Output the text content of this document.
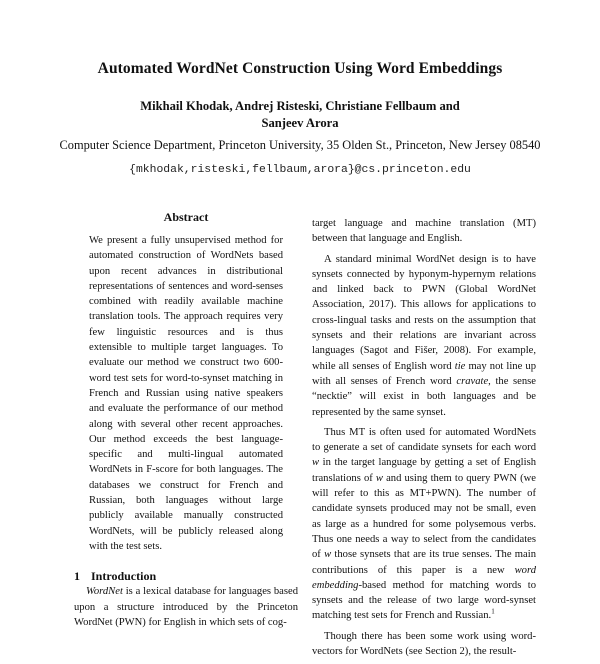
Automated WordNet Construction Using Word Embeddings
Mikhail Khodak, Andrej Risteski, Christiane Fellbaum and
Sanjeev Arora
Computer Science Department, Princeton University, 35 Olden St., Princeton, New Jersey 08540
{mkhodak,risteski,fellbaum,arora}@cs.princeton.edu
Abstract
We present a fully unsupervised method for automated construction of WordNets based upon recent advances in distributional representations of sentences and word-senses combined with readily available machine translation tools. The approach requires very few linguistic resources and is thus extensible to multiple target languages. To evaluate our method we construct two 600-word test sets for word-to-synset matching in French and Russian using native speakers and evaluate the performance of our method along with several other recent approaches. Our method exceeds the best language-specific and multi-lingual automated WordNets in F-score for both languages. The databases we construct for French and Russian, both languages without large publicly available manually constructed WordNets, will be publicly released along with the test sets.
1 Introduction
WordNet is a lexical database for languages based upon a structure introduced by the Princeton WordNet (PWN) for English in which sets of cog-

target language and machine translation (MT) between that language and English.

A standard minimal WordNet design is to have synsets connected by hyponym-hypernym relations and linked back to PWN (Global WordNet Association, 2017). This allows for applications to cross-lingual tasks and rests on the assumption that synsets and their relations are invariant across languages (Sagot and Fišer, 2008). For example, while all senses of English word tie may not line up with all senses of French word cravate, the sense “necktie” will exist in both languages and be represented by the same synset.

Thus MT is often used for automated WordNets to generate a set of candidate synsets for each word w in the target language by getting a set of English translations of w and using them to query PWN (we will refer to this as MT+PWN). The number of candidate synsets produced may not be small, even as large as a hundred for some polysemous verbs. Thus one needs a way to select from the candidates of w those synsets that are its true senses. The main contributions of this paper is a new word embedding-based method for matching words to synsets and the release of two large word-synset matching test sets for French and Russian.$^1$

Though there has been some work using word-vectors for WordNets (see Section 2), the result-
